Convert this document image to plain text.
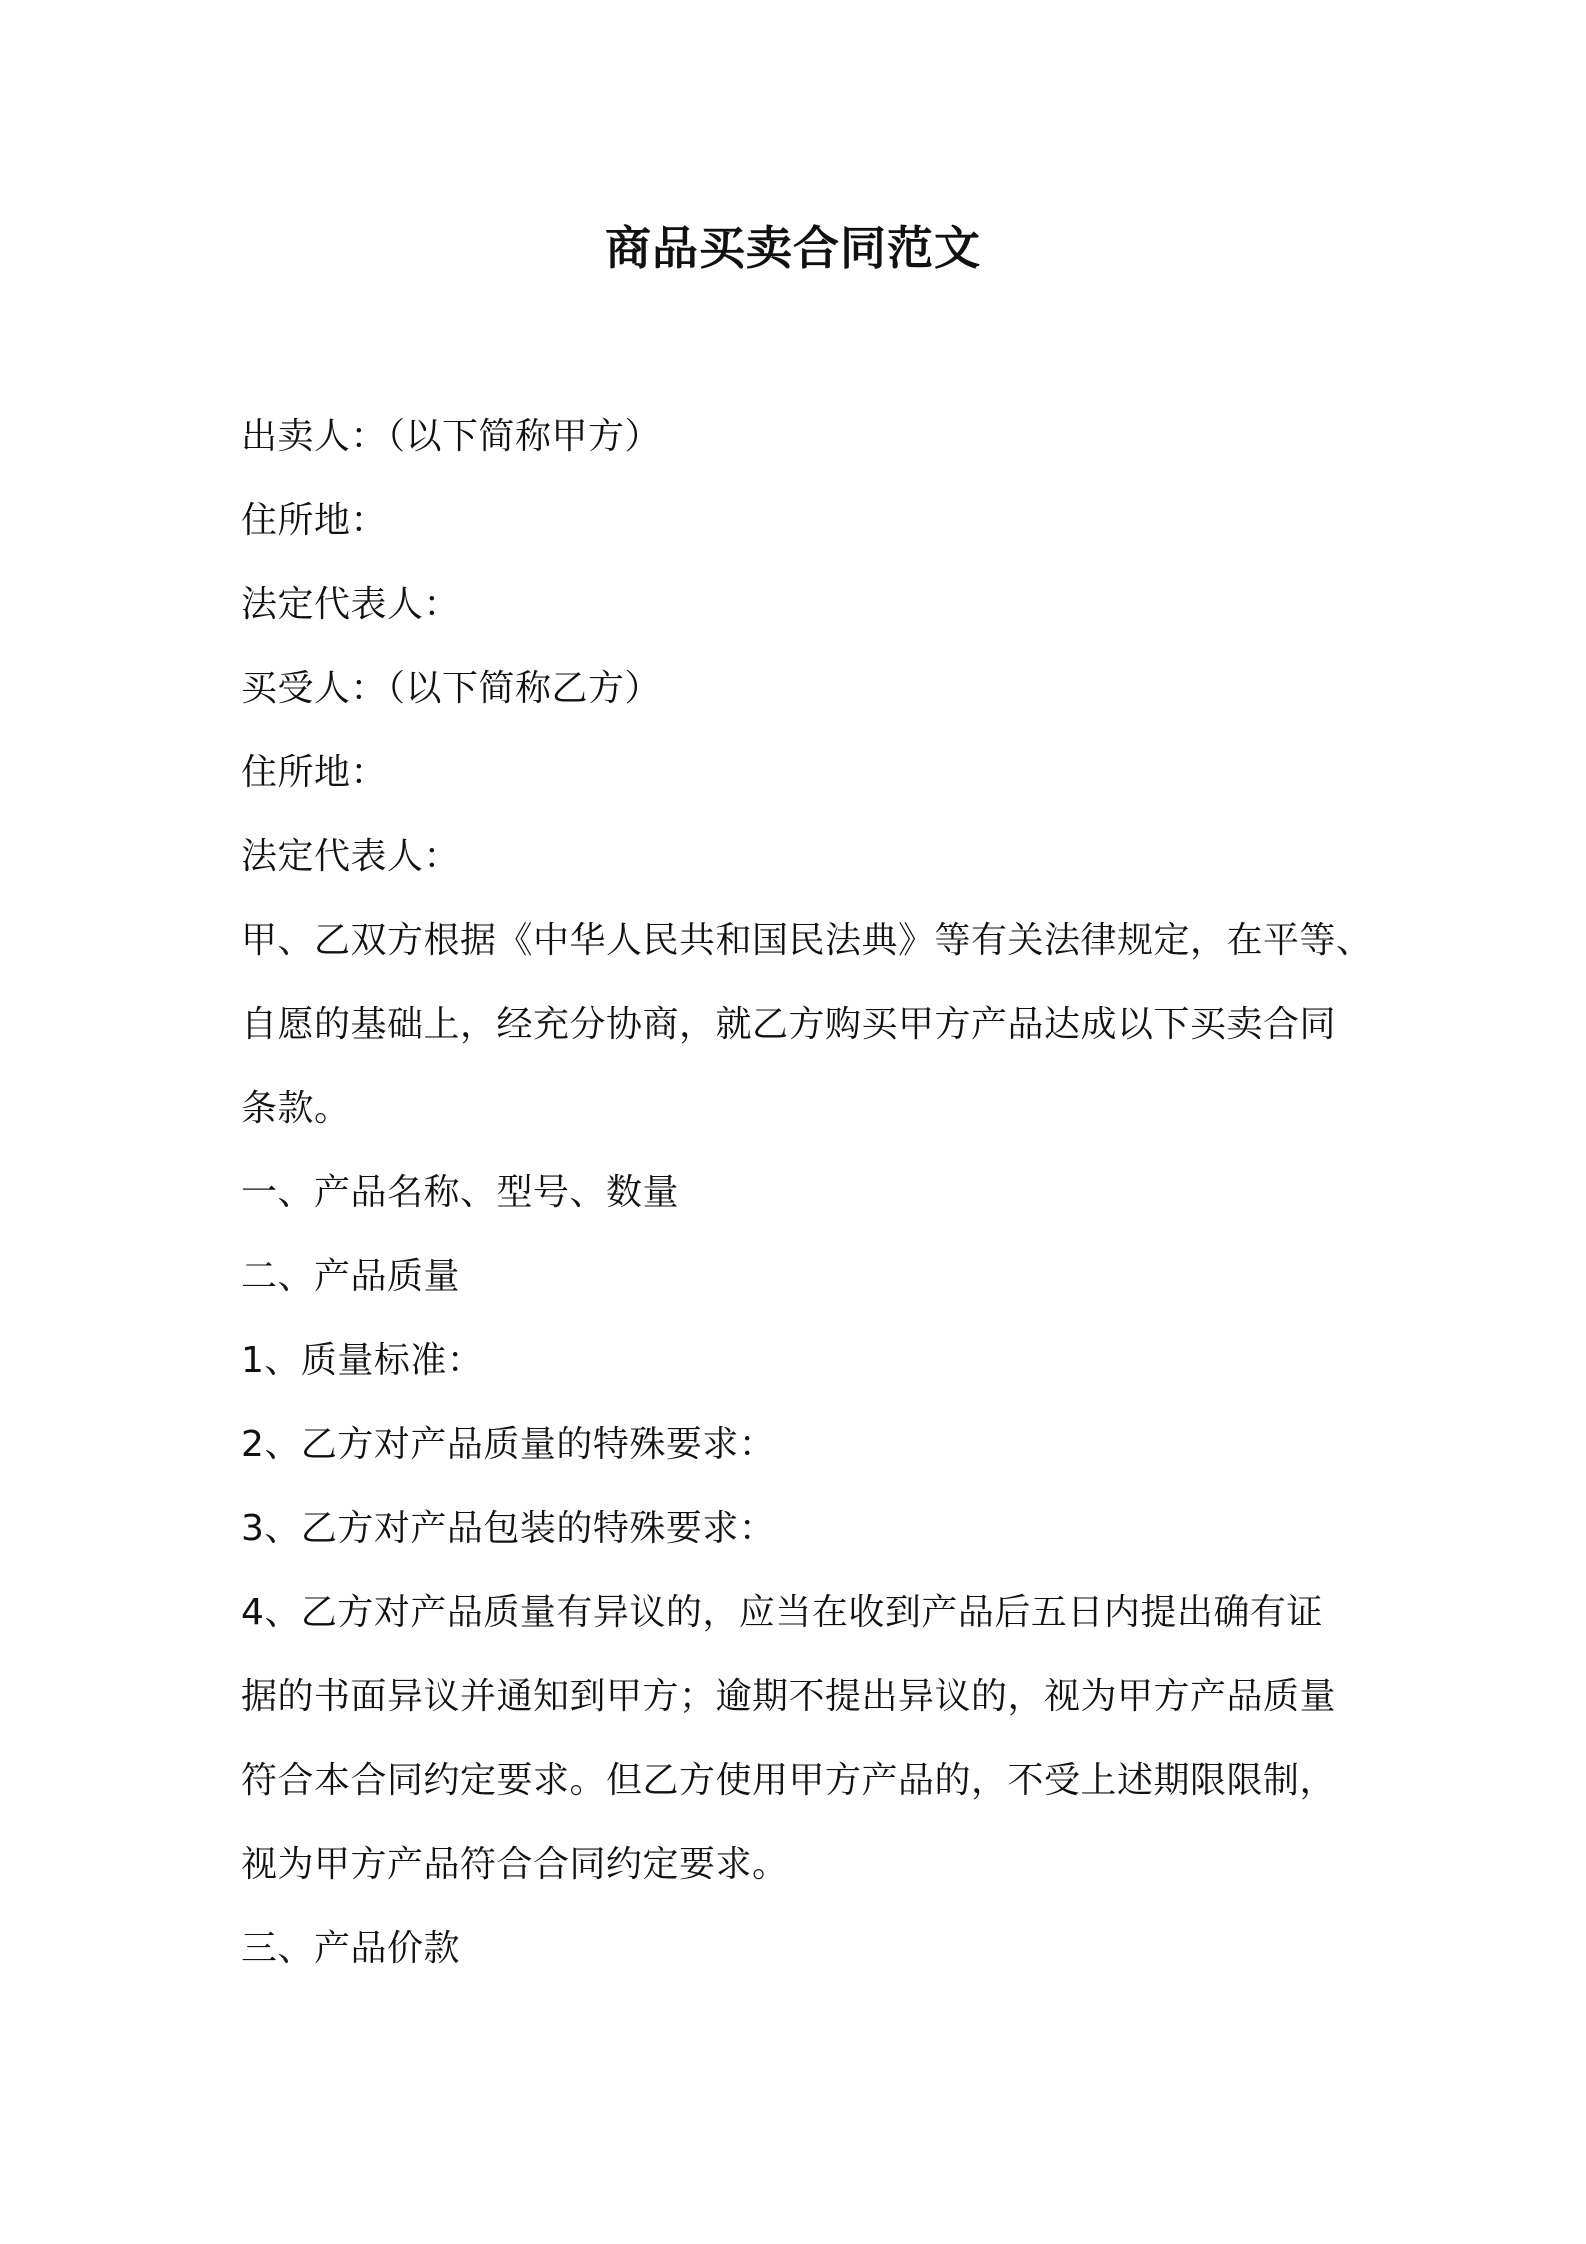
商品买卖合同范文

出卖人：（以下简称甲方）

住所地：

法定代表人：

买受人：（以下简称乙方）

住所地：

法定代表人：

甲、乙双方根据《中华人民共和国民法典》等有关法律规定，在平等、

自愿的基础上，经充分协商，就乙方购买甲方产品达成以下买卖合同

条款。

一、产品名称、型号、数量

二、产品质量

1、质量标准：

2、乙方对产品质量的特殊要求：

3、乙方对产品包装的特殊要求：

4、乙方对产品质量有异议的，应当在收到产品后五日内提出确有证

据的书面异议并通知到甲方；逾期不提出异议的，视为甲方产品质量

符合本合同约定要求。但乙方使用甲方产品的，不受上述期限限制，

视为甲方产品符合合同约定要求。

三、产品价款
